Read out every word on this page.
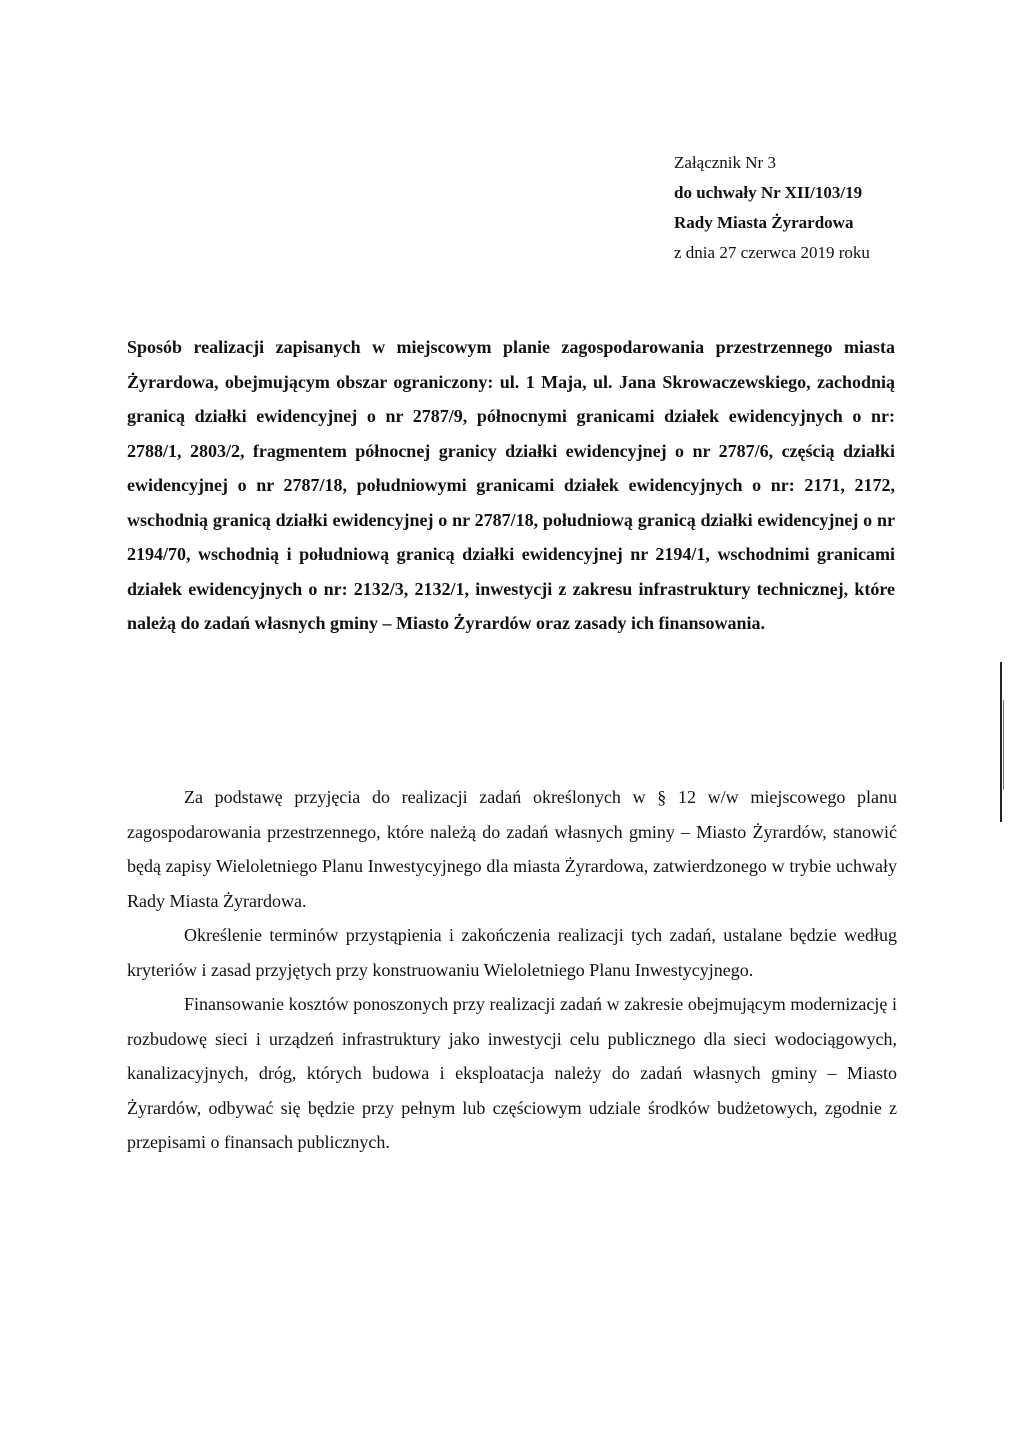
Załącznik Nr 3
do uchwały Nr XII/103/19
Rady Miasta Żyrardowa
z dnia 27 czerwca 2019 roku

Sposób realizacji zapisanych w miejscowym planie zagospodarowania przestrzennego miasta Żyrardowa, obejmującym obszar ograniczony: ul. 1 Maja, ul. Jana Skrowaczewskiego, zachodnią granicą działki ewidencyjnej o nr 2787/9, północnymi granicami działek ewidencyjnych o nr: 2788/1, 2803/2, fragmentem północnej granicy działki ewidencyjnej o nr 2787/6, częścią działki ewidencyjnej o nr 2787/18, południowymi granicami działek ewidencyjnych o nr: 2171, 2172, wschodnią granicą działki ewidencyjnej o nr 2787/18, południową granicą działki ewidencyjnej o nr 2194/70, wschodnią i południową granicą działki ewidencyjnej nr 2194/1, wschodnimi granicami działek ewidencyjnych o nr: 2132/3, 2132/1, inwestycji z zakresu infrastruktury technicznej, które należą do zadań własnych gminy – Miasto Żyrardów oraz zasady ich finansowania.

Za podstawę przyjęcia do realizacji zadań określonych w § 12 w/w miejscowego planu zagospodarowania przestrzennego, które należą do zadań własnych gminy – Miasto Żyrardów, stanowić będą zapisy Wieloletniego Planu Inwestycyjnego dla miasta Żyrardowa, zatwierdzonego w trybie uchwały Rady Miasta Żyrardowa.

Określenie terminów przystąpienia i zakończenia realizacji tych zadań, ustalane będzie według kryteriów i zasad przyjętych przy konstruowaniu Wieloletniego Planu Inwestycyjnego.

Finansowanie kosztów ponoszonych przy realizacji zadań w zakresie obejmującym modernizację i rozbudowę sieci i urządzeń infrastruktury jako inwestycji celu publicznego dla sieci wodociągowych, kanalizacyjnych, dróg, których budowa i eksploatacja należy do zadań własnych gminy – Miasto Żyrardów, odbywać się będzie przy pełnym lub częściowym udziale środków budżetowych, zgodnie z przepisami o finansach publicznych.
